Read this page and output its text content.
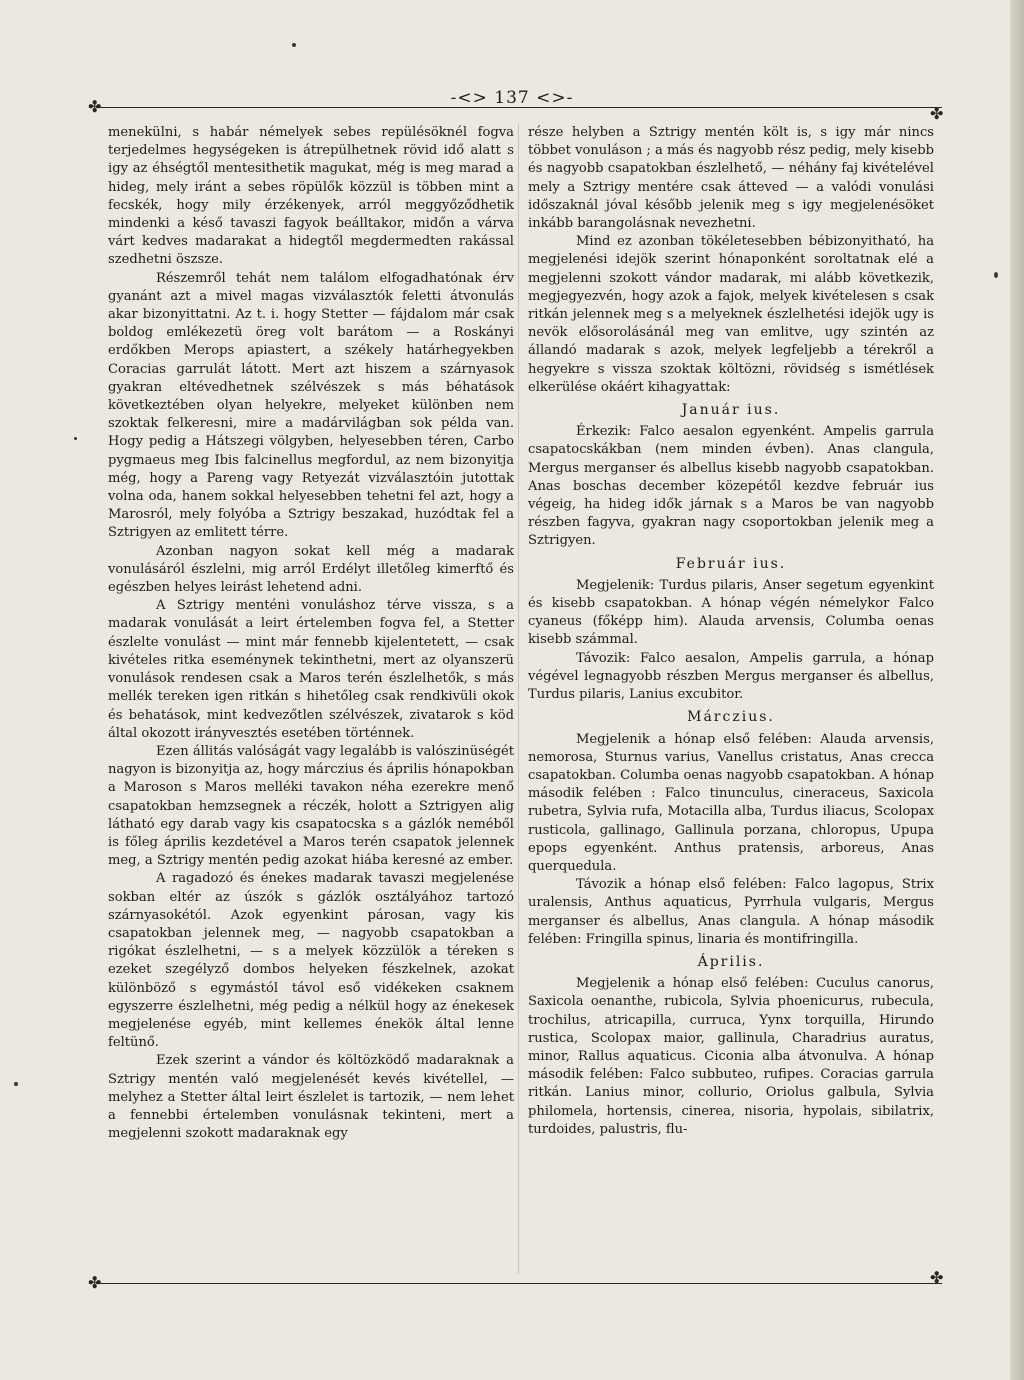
-<> 137 <>-
✤	✤

menekülni, s habár némelyek sebes repülésöknél fogva terjedelmes hegységeken is átrepülhetnek rövid idő alatt s igy az éhségtől mentesithetik magukat, még is meg marad a hideg, mely iránt a sebes röpülők közzül is többen mint a fecskék, hogy mily érzékenyek, arról meggyőződhetik mindenki a késő tavaszi fagyok beálltakor, midőn a várva várt kedves madarakat a hidegtől megdermedten rakással szedhetni öszsze.

Részemről tehát nem találom elfogadhatónak érv gyanánt azt a mivel magas vizválasztók feletti átvonulás akar bizonyittatni. Az t. i. hogy Stetter — fájdalom már csak boldog emlékezetü öreg volt barátom — a Roskányi erdőkben Merops apiastert, a székely határhegyekben Coracias garrulát látott. Mert azt hiszem a szárnyasok gyakran eltévedhetnek szélvészek s más béhatások következtében olyan helyekre, melyeket különben nem szoktak felkeresni, mire a madárvilágban sok példa van. Hogy pedig a Hátszegi völgyben, helyesebben téren, Carbo pygmaeus meg Ibis falcinellus megfordul, az nem bizonyitja még, hogy a Pareng vagy Retyezát vizválasztóin jutottak volna oda, hanem sokkal helyesebben tehetni fel azt, hogy a Marosról, mely folyóba a Sztrigy beszakad, huzódtak fel a Sztrigyen az emlitett térre.

Azonban nagyon sokat kell még a madarak vonulásáról észlelni, mig arról Erdélyt illetőleg kimerftő és egészben helyes leirást lehetend adni.

A Sztrigy menténi vonuláshoz térve vissza, s a madarak vonulását a leirt értelemben fogva fel, a Stetter észlelte vonulást — mint már fennebb kijelentetett, — csak kivételes ritka eseménynek tekinthetni, mert az olyanszerü vonulások rendesen csak a Maros terén észlelhetők, s más mellék tereken igen ritkán s hihetőleg csak rendkivüli okok és behatások, mint kedvezőtlen szélvészek, zivatarok s köd által okozott irányvesztés esetében történnek.

Ezen állitás valóságát vagy legalább is valószinüségét nagyon is bizonyitja az, hogy márczius és április hónapokban a Maroson s Maros melléki tavakon néha ezerekre menő csapatokban hemzsegnek a réczék, holott a Sztrigyen alig látható egy darab vagy kis csapatocska s a gázlók neméből is főleg április kezdetével a Maros terén csapatok jelennek meg, a Sztrigy mentén pedig azokat hiába keresné az ember.

A ragadozó és énekes madarak tavaszi megjelenése sokban eltér az úszók s gázlók osztályához tartozó szárnyasokétól. Azok egyenkint párosan, vagy kis csapatokban jelennek meg, — nagyobb csapatokban a rigókat észlelhetni, — s a melyek közzülök a téreken s ezeket szegélyző dombos helyeken fészkelnek, azokat különböző s egymástól távol eső vidékeken csaknem egyszerre észlelhetni, még pedig a nélkül hogy az énekesek megjelenése egyéb, mint kellemes énekök által lenne feltünő.

Ezek szerint a vándor és költözködő madaraknak a Sztrigy mentén való megjelenését kevés kivétellel, — melyhez a Stetter által leirt észlelet is tartozik, — nem lehet a fennebbi értelemben vonulásnak tekinteni, mert a megjelenni szokott madaraknak egy

része helyben a Sztrigy mentén költ is, s igy már nincs többet vonuláson ; a más és nagyobb rész pedig, mely kisebb és nagyobb csapatokban észlelhető, — néhány faj kivételével mely a Sztrigy mentére csak átteved — a valódi vonulási időszaknál jóval később jelenik meg s igy megjelenésöket inkább barangolásnak nevezhetni.

Mind ez azonban tökéletesebben bébizonyitható, ha megjelenési idejök szerint hónaponként soroltatnak elé a megjelenni szokott vándor madarak, mi alább következik, megjegyezvén, hogy azok a fajok, melyek kivételesen s csak ritkán jelennek meg s a melyeknek észlelhetési idejök ugy is nevök elősorolásánál meg van emlitve, ugy szintén az állandó madarak s azok, melyek legfeljebb a térekről a hegyekre s vissza szoktak költözni, rövidség s ismétlések elkerülése okáért kihagyattak:

Január ius.

Érkezik: Falco aesalon egyenként. Ampelis garrula csapatocskákban (nem minden évben). Anas clangula, Mergus merganser és albellus kisebb nagyobb csapatokban. Anas boschas december közepétől kezdve február ius végeig, ha hideg idők járnak s a Maros be van nagyobb részben fagyva, gyakran nagy csoportokban jelenik meg a Sztrigyen.

Február ius.

Megjelenik: Turdus pilaris, Anser segetum egyenkint és kisebb csapatokban. A hónap végén némelykor Falco cyaneus (főképp him). Alauda arvensis, Columba oenas kisebb számmal.

Távozik: Falco aesalon, Ampelis garrula, a hónap végével legnagyobb részben Mergus merganser és albellus, Turdus pilaris, Lanius excubitor.

Márczius.

Megjelenik a hónap első felében: Alauda arvensis, nemorosa, Sturnus varius, Vanellus cristatus, Anas crecca csapatokban. Columba oenas nagyobb csapatokban. A hónap második felében : Falco tinunculus, cineraceus, Saxicola rubetra, Sylvia rufa, Motacilla alba, Turdus iliacus, Scolopax rusticola, gallinago, Gallinula porzana, chloropus, Upupa epops egyenként. Anthus pratensis, arboreus, Anas querquedula.

Távozik a hónap első felében: Falco lagopus, Strix uralensis, Anthus aquaticus, Pyrrhula vulgaris, Mergus merganser és albellus, Anas clangula. A hónap második felében: Fringilla spinus, linaria és montifringilla.

Április.

Megjelenik a hónap első felében: Cuculus canorus, Saxicola oenanthe, rubicola, Sylvia phoenicurus, rubecula, trochilus, atricapilla, curruca, Yynx torquilla, Hirundo rustica, Scolopax maior, gallinula, Charadrius auratus, minor, Rallus aquaticus. Ciconia alba átvonulva. A hónap második felében: Falco subbuteo, rufipes. Coracias garrula ritkán. Lanius minor, collurio, Oriolus galbula, Sylvia philomela, hortensis, cinerea, nisoria, hypolais, sibilatrix, turdoides, palustris, flu-

✤	✤
